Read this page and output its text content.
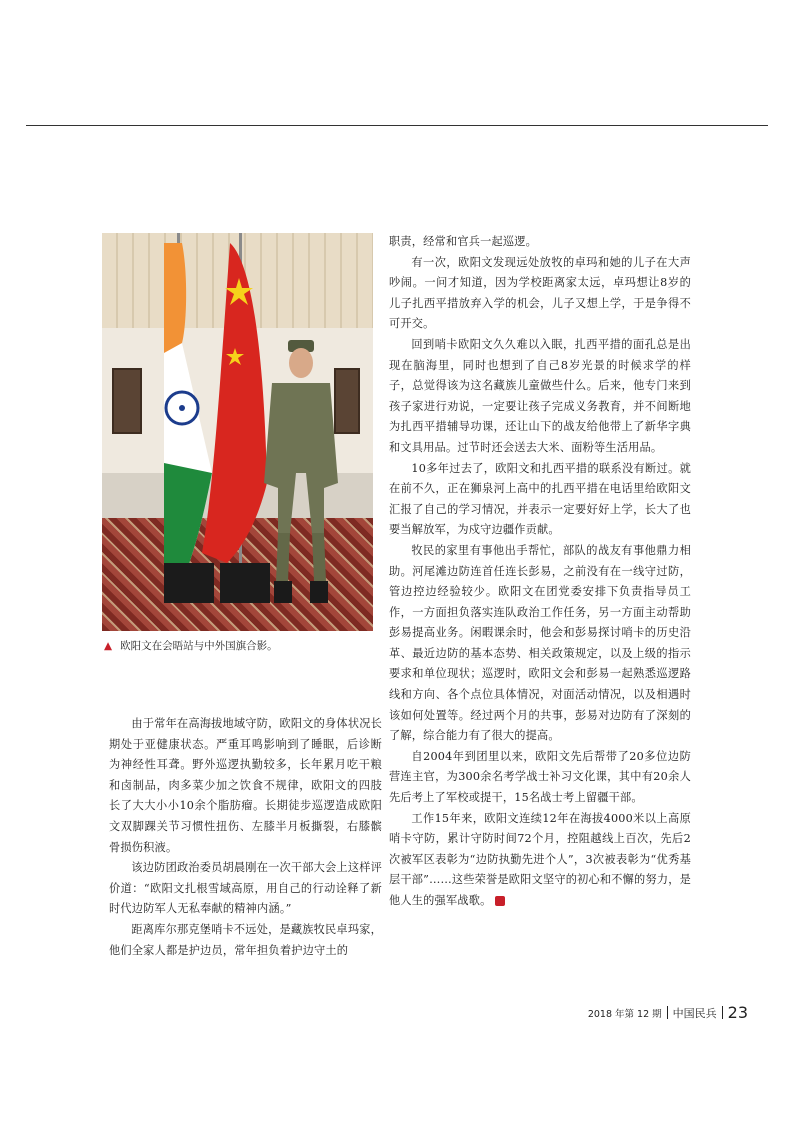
▲ 欧阳文在会晤站与中外国旗合影。

由于常年在高海拔地域守防，欧阳文的身体状况长期处于亚健康状态。严重耳鸣影响到了睡眠，后诊断为神经性耳聋。野外巡逻执勤较多，长年累月吃干粮和卤制品，肉多菜少加之饮食不规律，欧阳文的四肢长了大大小小10余个脂肪瘤。长期徒步巡逻造成欧阳文双脚踝关节习惯性扭伤、左膝半月板撕裂，右膝髌骨损伤积液。

该边防团政治委员胡晨刚在一次干部大会上这样评价道：“欧阳文扎根雪域高原，用自己的行动诠释了新时代边防军人无私奉献的精神内涵。”

距离库尔那克堡哨卡不远处，是藏族牧民卓玛家，他们全家人都是护边员，常年担负着护边守土的

职责，经常和官兵一起巡逻。

有一次，欧阳文发现远处放牧的卓玛和她的儿子在大声吵闹。一问才知道，因为学校距离家太远，卓玛想让8岁的儿子扎西平措放弃入学的机会，儿子又想上学，于是争得不可开交。

回到哨卡欧阳文久久难以入眠，扎西平措的面孔总是出现在脑海里，同时也想到了自己8岁光景的时候求学的样子，总觉得该为这名藏族儿童做些什么。后来，他专门来到孩子家进行劝说，一定要让孩子完成义务教育，并不间断地为扎西平措辅导功课，还让山下的战友给他带上了新华字典和文具用品。过节时还会送去大米、面粉等生活用品。

10多年过去了，欧阳文和扎西平措的联系没有断过。就在前不久，正在狮泉河上高中的扎西平措在电话里给欧阳文汇报了自己的学习情况，并表示一定要好好上学，长大了也要当解放军，为戍守边疆作贡献。

牧民的家里有事他出手帮忙，部队的战友有事他鼎力相助。河尾滩边防连首任连长彭易，之前没有在一线守过防，管边控边经验较少。欧阳文在团党委安排下负责指导员工作，一方面担负落实连队政治工作任务，另一方面主动帮助彭易提高业务。闲暇课余时，他会和彭易探讨哨卡的历史沿革、最近边防的基本态势、相关政策规定，以及上级的指示要求和单位现状；巡逻时，欧阳文会和彭易一起熟悉巡逻路线和方向、各个点位具体情况，对面活动情况，以及相遇时该如何处置等。经过两个月的共事，彭易对边防有了深刻的了解，综合能力有了很大的提高。

自2004年到团里以来，欧阳文先后帮带了20多位边防营连主官，为300余名考学战士补习文化课，其中有20余人先后考上了军校或提干，15名战士考上留疆干部。

工作15年来，欧阳文连续12年在海拔4000米以上高原哨卡守防，累计守防时间72个月，控阻越线上百次，先后2次被军区表彰为“边防执勤先进个人”，3次被表彰为“优秀基层干部”……这些荣誉是欧阳文坚守的初心和不懈的努力，是他人生的强军战歌。	■

2018 年第 12 期 中国民兵 23
